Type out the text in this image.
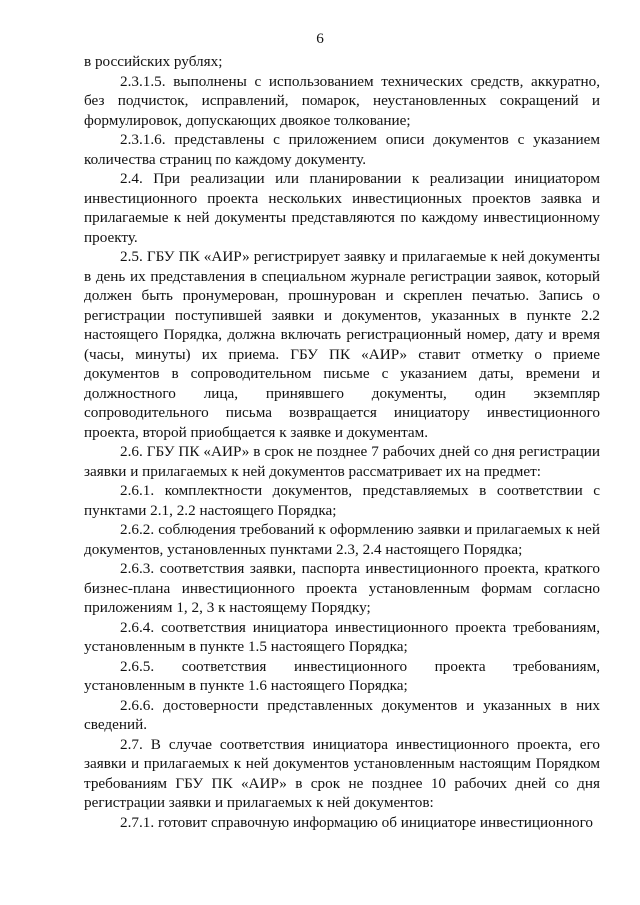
6

в российских рублях;

2.3.1.5. выполнены с использованием технических средств, аккуратно, без подчисток, исправлений, помарок, неустановленных сокращений и формулировок, допускающих двоякое толкование;

2.3.1.6. представлены с приложением описи документов с указанием количества страниц по каждому документу.

2.4. При реализации или планировании к реализации инициатором инвестиционного проекта нескольких инвестиционных проектов заявка и прилагаемые к ней документы представляются по каждому инвестиционному проекту.

2.5. ГБУ ПК «АИР» регистрирует заявку и прилагаемые к ней документы в день их представления в специальном журнале регистрации заявок, который должен быть пронумерован, прошнурован и скреплен печатью. Запись о регистрации поступившей заявки и документов, указанных в пункте 2.2 настоящего Порядка, должна включать регистрационный номер, дату и время (часы, минуты) их приема. ГБУ ПК «АИР» ставит отметку о приеме документов в сопроводительном письме с указанием даты, времени и должностного лица, принявшего документы, один экземпляр сопроводительного письма возвращается инициатору инвестиционного проекта, второй приобщается к заявке и документам.

2.6. ГБУ ПК «АИР» в срок не позднее 7 рабочих дней со дня регистрации заявки и прилагаемых к ней документов рассматривает их на предмет:

2.6.1. комплектности документов, представляемых в соответствии с пунктами 2.1, 2.2 настоящего Порядка;

2.6.2. соблюдения требований к оформлению заявки и прилагаемых к ней документов, установленных пунктами 2.3, 2.4 настоящего Порядка;

2.6.3. соответствия заявки, паспорта инвестиционного проекта, краткого бизнес-плана инвестиционного проекта установленным формам согласно приложениям 1, 2, 3 к настоящему Порядку;

2.6.4. соответствия инициатора инвестиционного проекта требованиям, установленным в пункте 1.5 настоящего Порядка;

2.6.5. соответствия инвестиционного проекта требованиям, установленным в пункте 1.6 настоящего Порядка;

2.6.6. достоверности представленных документов и указанных в них сведений.

2.7. В случае соответствия инициатора инвестиционного проекта, его заявки и прилагаемых к ней документов установленным настоящим Порядком требованиям ГБУ ПК «АИР» в срок не позднее 10 рабочих дней со дня регистрации заявки и прилагаемых к ней документов:

2.7.1. готовит справочную информацию об инициаторе инвестиционного
